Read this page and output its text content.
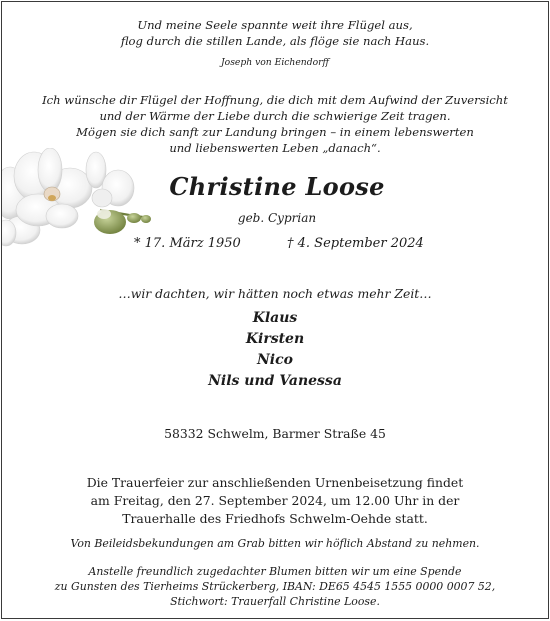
Und meine Seele spannte weit ihre Flügel aus,
flog durch die stillen Lande, als flöge sie nach Haus.
Joseph von Eichendorff
Ich wünsche dir Flügel der Hoffnung, die dich mit dem Aufwind der Zuversicht
und der Wärme der Liebe durch die schwierige Zeit tragen.
Mögen sie dich sanft zur Landung bringen – in einem lebenswerten
und liebenswerten Leben „danach“.
Christine Loose
geb. Cyprian
* 17. März 1950	† 4. September 2024
…wir dachten, wir hätten noch etwas mehr Zeit…
Klaus
Kirsten
Nico
Nils und Vanessa
58332 Schwelm, Barmer Straße 45
Die Trauerfeier zur anschließenden Urnenbeisetzung findet
am Freitag, den 27. September 2024, um 12.00 Uhr in der
Trauerhalle des Friedhofs Schwelm-Oehde statt.
Von Beileidsbekundungen am Grab bitten wir höflich Abstand zu nehmen.
Anstelle freundlich zugedachter Blumen bitten wir um eine Spende
zu Gunsten des Tierheims Strückerberg, IBAN: DE65 4545 1555 0000 0007 52,
Stichwort: Trauerfall Christine Loose.
